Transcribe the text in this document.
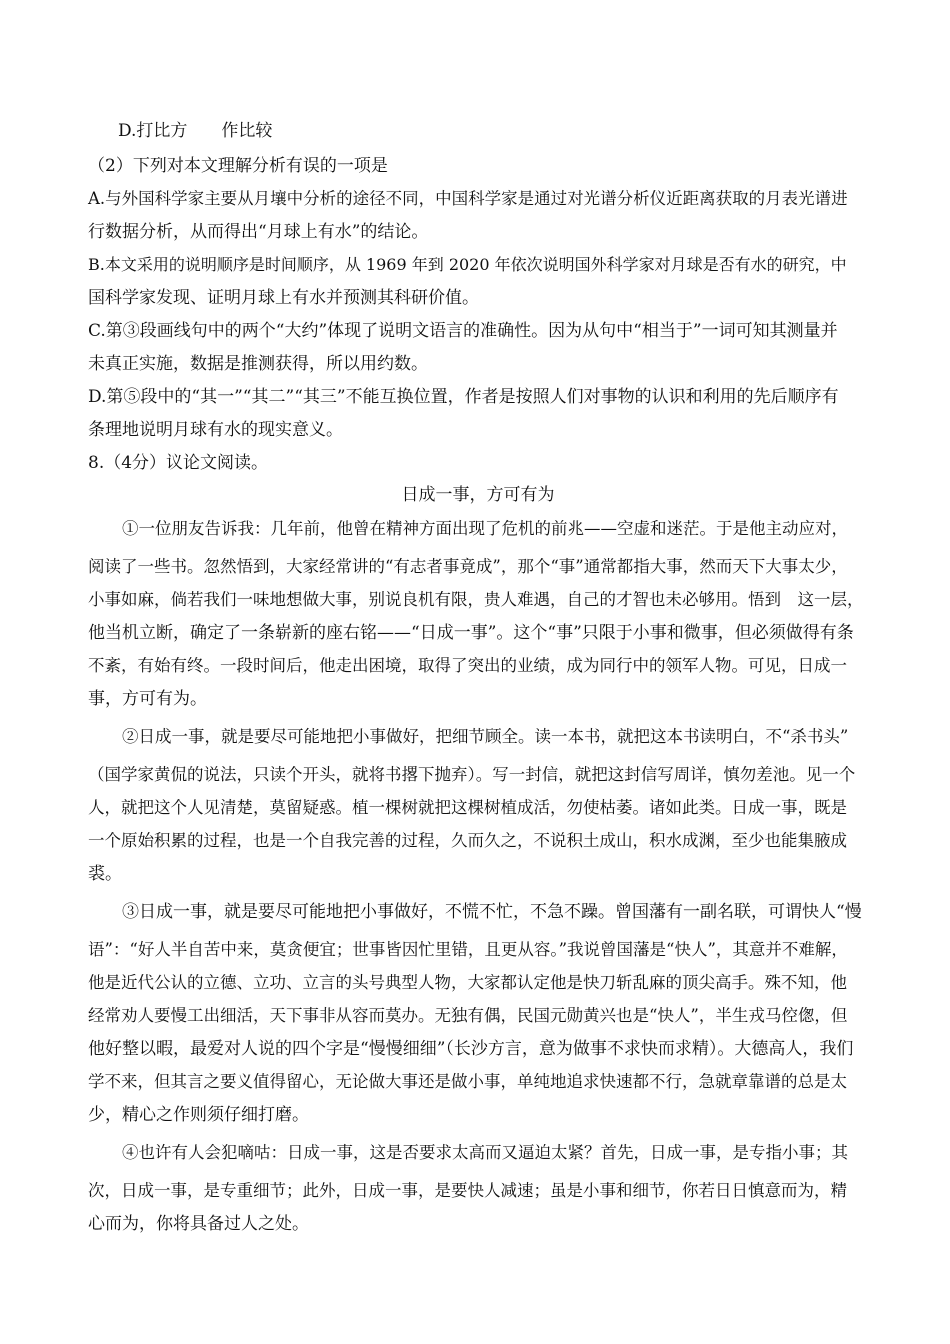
D.打比方　　作比较
（2）下列对本文理解分析有误的一项是
A.与外国科学家主要从月壤中分析的途径不同，中国科学家是通过对光谱分析仪近距离获取的月表光谱进
行数据分析，从而得出“月球上有水”的结论。
B.本文采用的说明顺序是时间顺序，从 1969 年到 2020 年依次说明国外科学家对月球是否有水的研究，中
国科学家发现、证明月球上有水并预测其科研价值。
C.第③段画线句中的两个“大约”体现了说明文语言的准确性。因为从句中“相当于”一词可知其测量并
未真正实施，数据是推测获得，所以用约数。
D.第⑤段中的“其一”“其二”“其三”不能互换位置，作者是按照人们对事物的认识和利用的先后顺序有
条理地说明月球有水的现实意义。
8.（4分）议论文阅读。
日成一事，方可有为
①一位朋友告诉我：几年前，他曾在精神方面出现了危机的前兆——空虚和迷茫。于是他主动应对，
阅读了一些书。忽然悟到，大家经常讲的“有志者事竟成”，那个“事”通常都指大事，然而天下大事太少，
小事如麻，倘若我们一味地想做大事，别说良机有限，贵人难遇，自己的才智也未必够用。悟到　这一层，
他当机立断，确定了一条崭新的座右铭——“日成一事”。这个“事”只限于小事和微事，但必须做得有条
不紊，有始有终。一段时间后，他走出困境，取得了突出的业绩，成为同行中的领军人物。可见，日成一
事，方可有为。
②日成一事，就是要尽可能地把小事做好，把细节顾全。读一本书，就把这本书读明白，不“杀书头”
（国学家黄侃的说法，只读个开头，就将书撂下抛弃）。写一封信，就把这封信写周详，慎勿差池。见一个
人，就把这个人见清楚，莫留疑惑。植一棵树就把这棵树植成活，勿使枯萎。诸如此类。日成一事，既是
一个原始积累的过程，也是一个自我完善的过程，久而久之，不说积土成山，积水成渊，至少也能集腋成
裘。
③日成一事，就是要尽可能地把小事做好，不慌不忙，不急不躁。曾国藩有一副名联，可谓快人“慢
语”：“好人半自苦中来，莫贪便宜；世事皆因忙里错，且更从容。”我说曾国藩是“快人”，其意并不难解，
他是近代公认的立德、立功、立言的头号典型人物，大家都认定他是快刀斩乱麻的顶尖高手。殊不知，他
经常劝人要慢工出细活，天下事非从容而莫办。无独有偶，民国元勋黄兴也是“快人”，半生戎马倥偬，但
他好整以暇，最爱对人说的四个字是“慢慢细细”（长沙方言，意为做事不求快而求精）。大德高人，我们
学不来，但其言之要义值得留心，无论做大事还是做小事，单纯地追求快速都不行，急就章靠谱的总是太
少，精心之作则须仔细打磨。
④也许有人会犯嘀咕：日成一事，这是否要求太高而又逼迫太紧？首先，日成一事，是专指小事；其
次，日成一事，是专重细节；此外，日成一事，是要快人减速；虽是小事和细节，你若日日慎意而为，精
心而为，你将具备过人之处。
